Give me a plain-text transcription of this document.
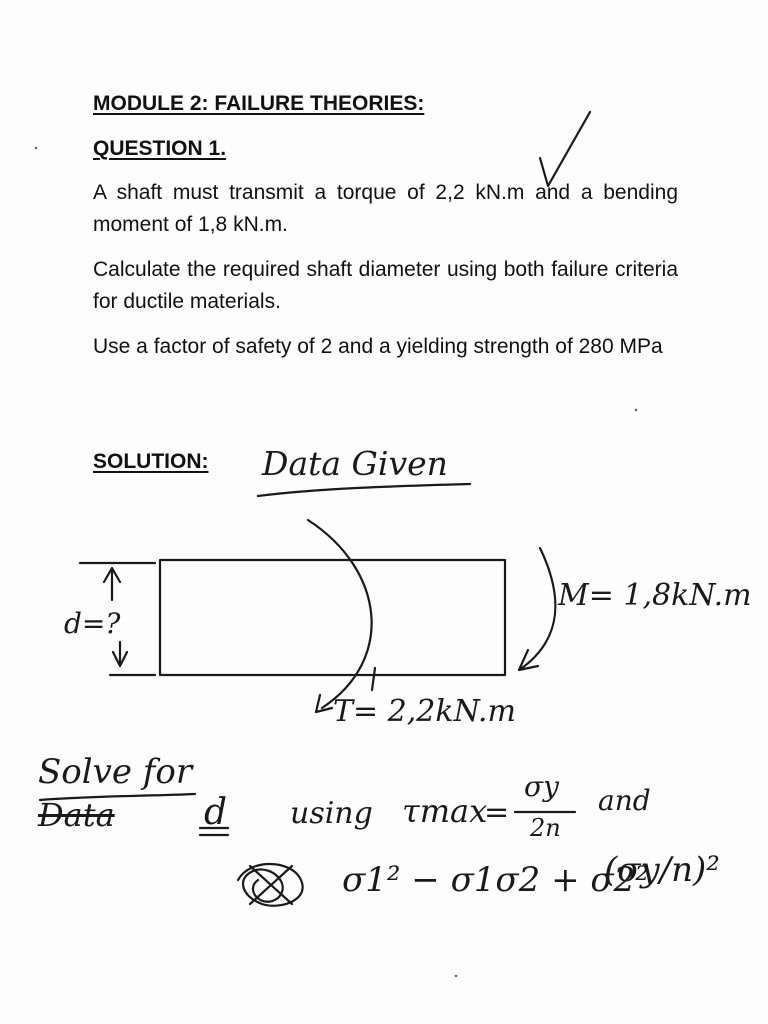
MODULE 2: FAILURE THEORIES:
QUESTION 1.
A shaft must transmit a torque of 2,2 kN.m and a bending moment of 1,8 kN.m.
Calculate the required shaft diameter using both failure criteria for ductile materials.
Use a factor of safety of 2 and a yielding strength of 280 MPa
SOLUTION: Data Given
M= 1,8kN.m
T= 2,2kN.m
d=?
Solve for
Data d using τmax
=
σy
2n
and
σ1² − σ1σ2 + σ2²
(σy/n)²
